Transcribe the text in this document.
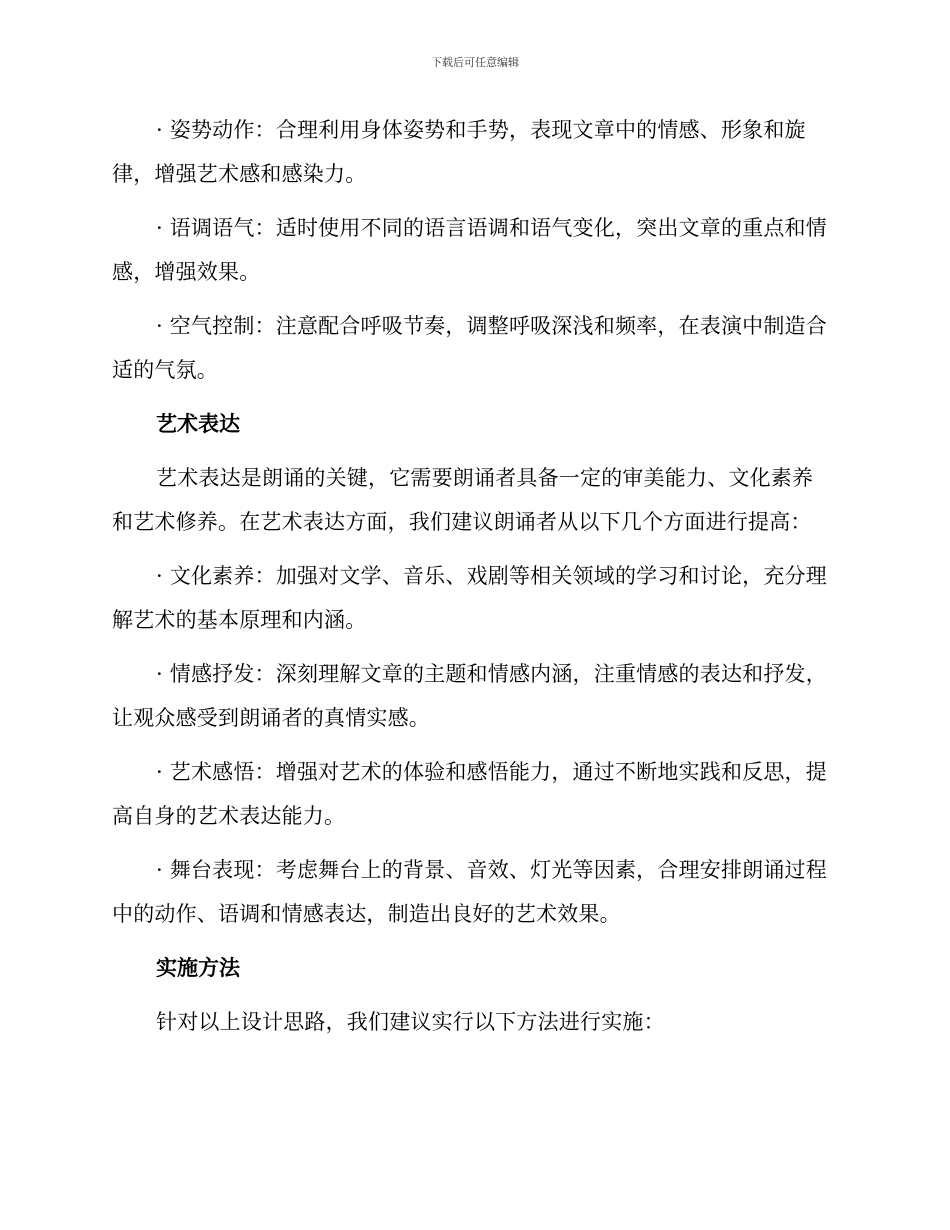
下载后可任意编辑

· 姿势动作：合理利用身体姿势和手势，表现文章中的情感、形象和旋律，增强艺术感和感染力。

· 语调语气：适时使用不同的语言语调和语气变化，突出文章的重点和情感，增强效果。

· 空气控制：注意配合呼吸节奏，调整呼吸深浅和频率，在表演中制造合适的气氛。

艺术表达

艺术表达是朗诵的关键，它需要朗诵者具备一定的审美能力、文化素养和艺术修养。在艺术表达方面，我们建议朗诵者从以下几个方面进行提高：

· 文化素养：加强对文学、音乐、戏剧等相关领域的学习和讨论，充分理解艺术的基本原理和内涵。

· 情感抒发：深刻理解文章的主题和情感内涵，注重情感的表达和抒发，让观众感受到朗诵者的真情实感。

· 艺术感悟：增强对艺术的体验和感悟能力，通过不断地实践和反思，提高自身的艺术表达能力。

· 舞台表现：考虑舞台上的背景、音效、灯光等因素，合理安排朗诵过程中的动作、语调和情感表达，制造出良好的艺术效果。

实施方法

针对以上设计思路，我们建议实行以下方法进行实施：
